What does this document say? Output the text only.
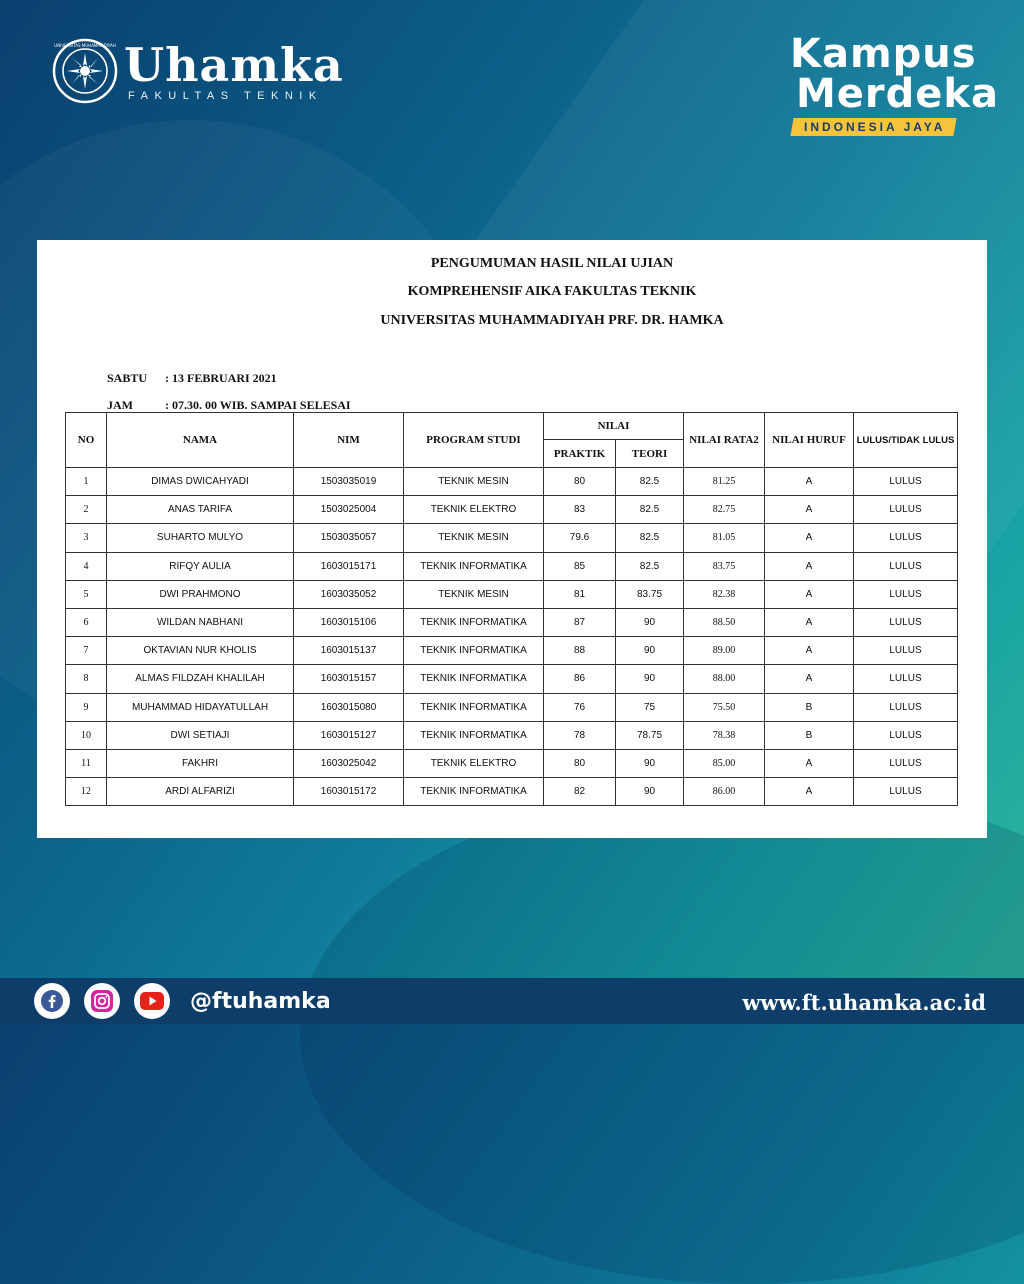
UNIVERSITAS MUHAMMADIYAH Uhamka
FAKULTAS TEKNIK
Kampus
Merdeka
INDONESIA JAYA
PENGUMUMAN HASIL NILAI UJIAN
KOMPREHENSIF AIKA FAKULTAS TEKNIK
UNIVERSITAS MUHAMMADIYAH PRF. DR. HAMKA
SABTU : 13 FEBRUARI 2021
JAM	: 07.30. 00 WIB. SAMPAI SELESAI
NO	NAMA	NIM	PROGRAM STUDI	NILAI		NILAI RATA2	NILAI HURUF	LULUS/TIDAK LULUS
				PRAKTIK	TEORI			
1	DIMAS DWICAHYADI	1503035019	TEKNIK MESIN	80	82.5	81.25	A	LULUS
2	ANAS TARIFA	1503025004	TEKNIK ELEKTRO	83	82.5	82.75	A	LULUS
3	SUHARTO MULYO	1503035057	TEKNIK MESIN	79.6	82.5	81.05	A	LULUS
4	RIFQY AULIA	1603015171	TEKNIK INFORMATIKA	85	82.5	83.75	A	LULUS
5	DWI PRAHMONO	1603035052	TEKNIK MESIN	81	83.75	82.38	A	LULUS
6	WILDAN NABHANI	1603015106	TEKNIK INFORMATIKA	87	90	88.50	A	LULUS
7	OKTAVIAN NUR KHOLIS	1603015137	TEKNIK INFORMATIKA	88	90	89.00	A	LULUS
8	ALMAS FILDZAH KHALILAH	1603015157	TEKNIK INFORMATIKA	86	90	88.00	A	LULUS
9	MUHAMMAD HIDAYATULLAH	1603015080	TEKNIK INFORMATIKA	76	75	75.50	B	LULUS
10	DWI SETIAJI	1603015127	TEKNIK INFORMATIKA	78	78.75	78.38	B	LULUS
11	FAKHRI	1603025042	TEKNIK ELEKTRO	80	90	85.00	A	LULUS
12	ARDI ALFARIZI	1603015172	TEKNIK INFORMATIKA	82	90	86.00	A	LULUS
@ftuhamka	www.ft.uhamka.ac.id
